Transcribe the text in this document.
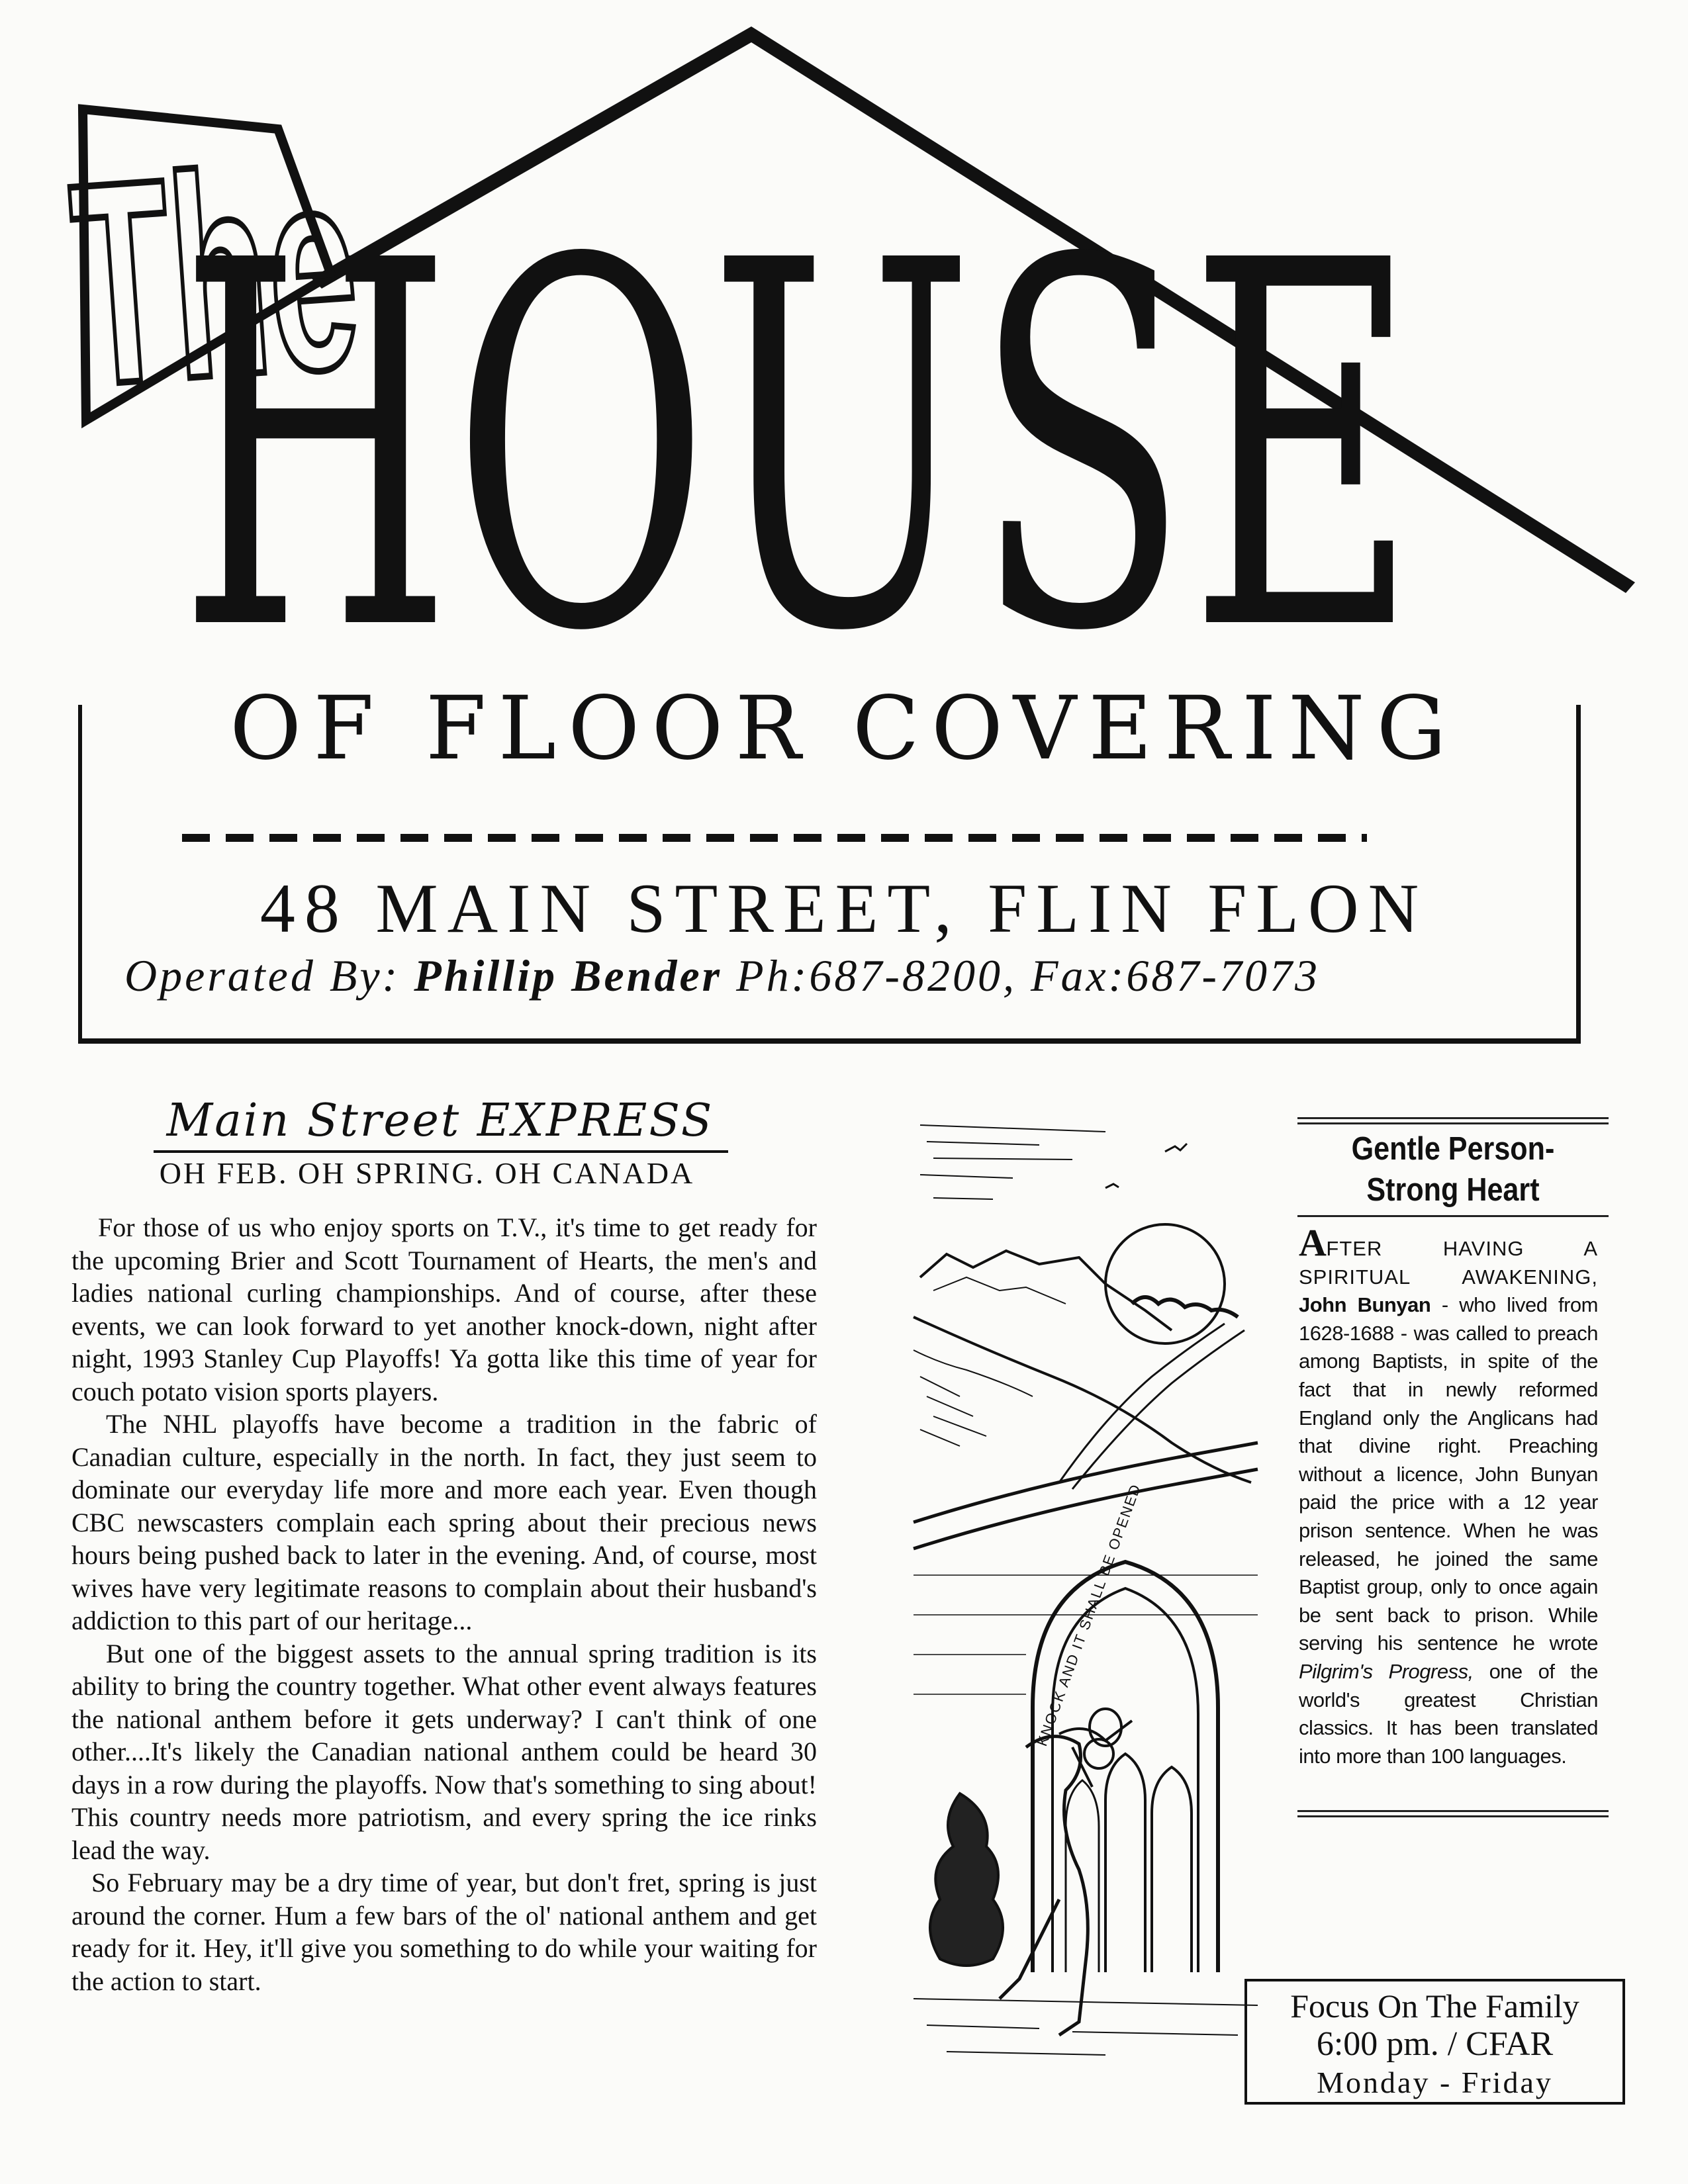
The
HOUSE
OF FLOOR COVERING
48 MAIN STREET, FLIN FLON
Operated By: Phillip Bender Ph:687-8200, Fax:687-7073
Main Street EXPRESS
OH FEB. OH SPRING. OH CANADA

For those of us who enjoy sports on T.V., it's time to get ready for the upcoming Brier and Scott Tournament of Hearts, the men's and ladies national curling championships. And of course, after these events, we can look forward to yet another knock-down, night after night, 1993 Stanley Cup Playoffs! Ya gotta like this time of year for couch potato vision sports players.

The NHL playoffs have become a tradition in the fabric of Canadian culture, especially in the north. In fact, they just seem to dominate our everyday life more and more each year. Even though CBC newscasters complain each spring about their precious news hours being pushed back to later in the evening. And, of course, most wives have very legitimate reasons to complain about their husband's addiction to this part of our heritage...

But one of the biggest assets to the annual spring tradition is its ability to bring the country together. What other event always features the national anthem before it gets underway? I can't think of one other....It's likely the Canadian national anthem could be heard 30 days in a row during the playoffs. Now that's something to sing about! This country needs more patriotism, and every spring the ice rinks lead the way.

So February may be a dry time of year, but don't fret, spring is just around the corner. Hum a few bars of the ol' national anthem and get ready for it. Hey, it'll give you something to do while your waiting for the action to start.

KNOCK AND IT SHALL BE OPENED
Gentle Person-
Strong Heart
AFTER HAVING A SPIRITUAL AWAKENING, John Bunyan - who lived from 1628-1688 - was called to preach among Baptists, in spite of the fact that in newly reformed England only the Anglicans had that divine right. Preaching without a licence, John Bunyan paid the price with a 12 year prison sentence. When he was released, he joined the same Baptist group, only to once again be sent back to prison. While serving his sentence he wrote Pilgrim's Progress, one of the world's greatest Christian classics. It has been translated into more than 100 languages.
Focus On The Family
6:00 pm. / CFAR
Monday - Friday
